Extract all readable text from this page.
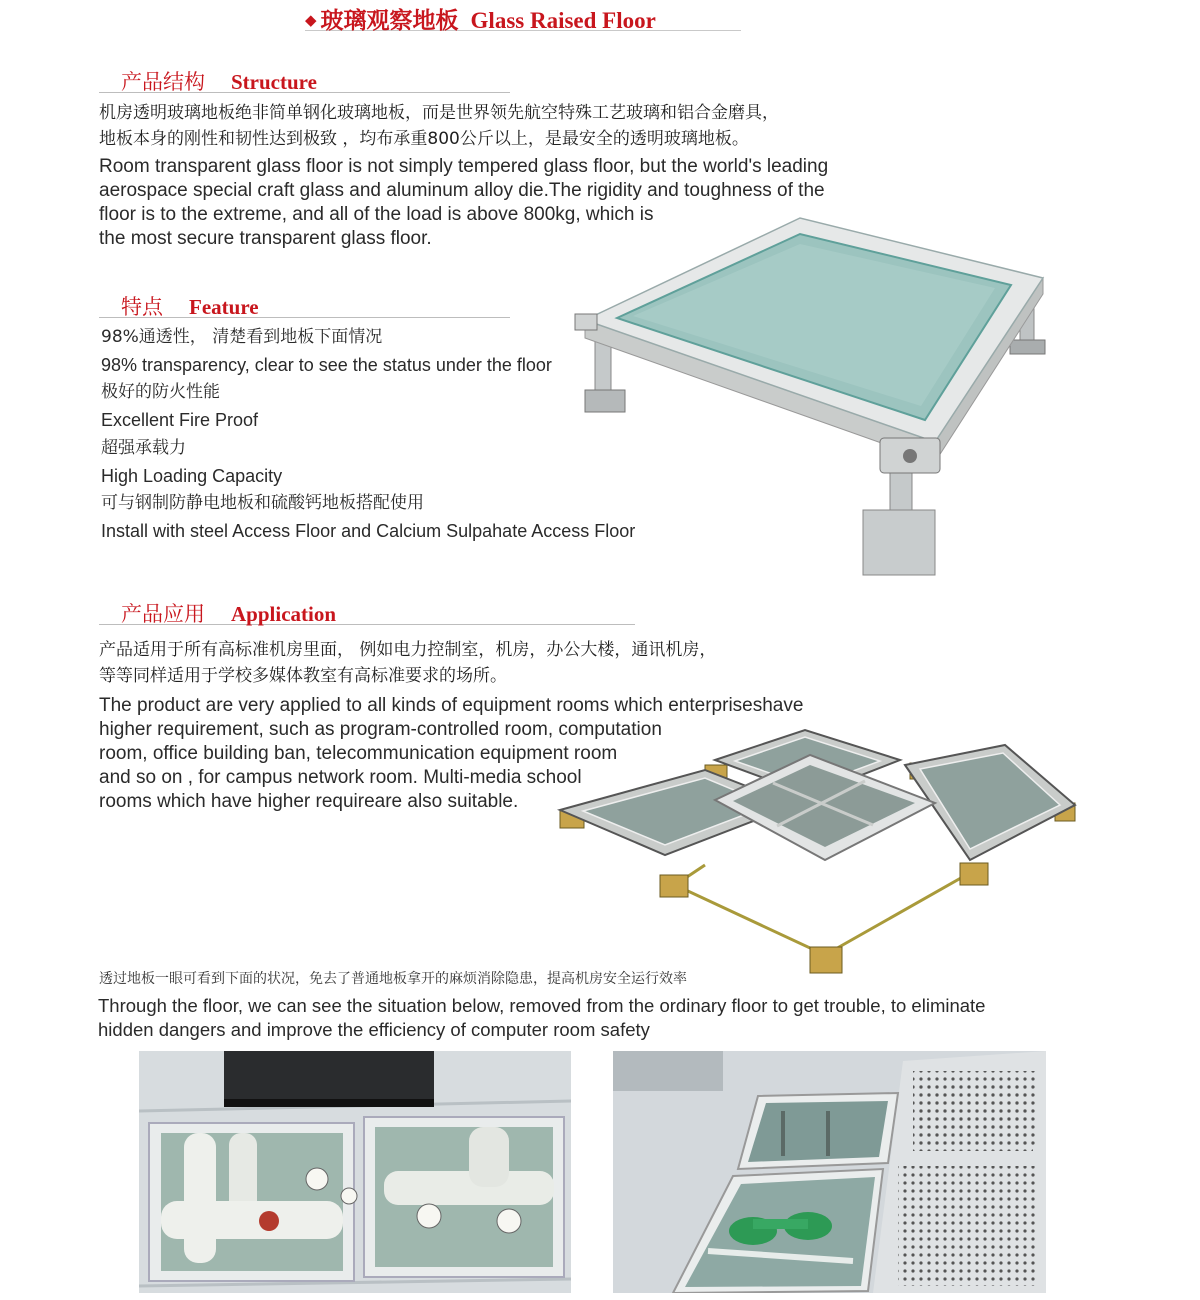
◆ 玻璃观察地板 Glass Raised Floor
产品结构 Structure
机房透明玻璃地板绝非简单钢化玻璃地板，而是世界领先航空特殊工艺玻璃和铝合金磨具，
地板本身的刚性和韧性达到极致 ，均布承重800公斤以上，是最安全的透明玻璃地板。
Room transparent glass floor is not simply tempered glass floor, but the world's leading
aerospace special craft glass and aluminum alloy die.The rigidity and toughness of the
floor is to the extreme, and all of the load is above 800kg, which is
the most secure transparent glass floor.
特点 Feature
98%通透性， 清楚看到地板下面情况
98% transparency, clear to see the status under the floor
极好的防火性能
Excellent Fire Proof
超强承载力
High Loading Capacity
可与钢制防静电地板和硫酸钙地板搭配使用
Install with steel Access Floor and Calcium Sulpahate Access Floor
产品应用 Application
产品适用于所有高标准机房里面， 例如电力控制室，机房，办公大楼，通讯机房，
等等同样适用于学校多媒体教室有高标准要求的场所。
The product are very applied to all kinds of equipment rooms which enterpriseshave
higher requirement, such as program-controlled room, computation
room, office building ban, telecommunication equipment room
and so on , for campus network room. Multi-media school
rooms which have higher requireare also suitable.
透过地板一眼可看到下面的状况，免去了普通地板拿开的麻烦消除隐患，提高机房安全运行效率
Through the floor, we can see the situation below, removed from the ordinary floor to get trouble, to eliminate
hidden dangers and improve the efficiency of computer room safety
